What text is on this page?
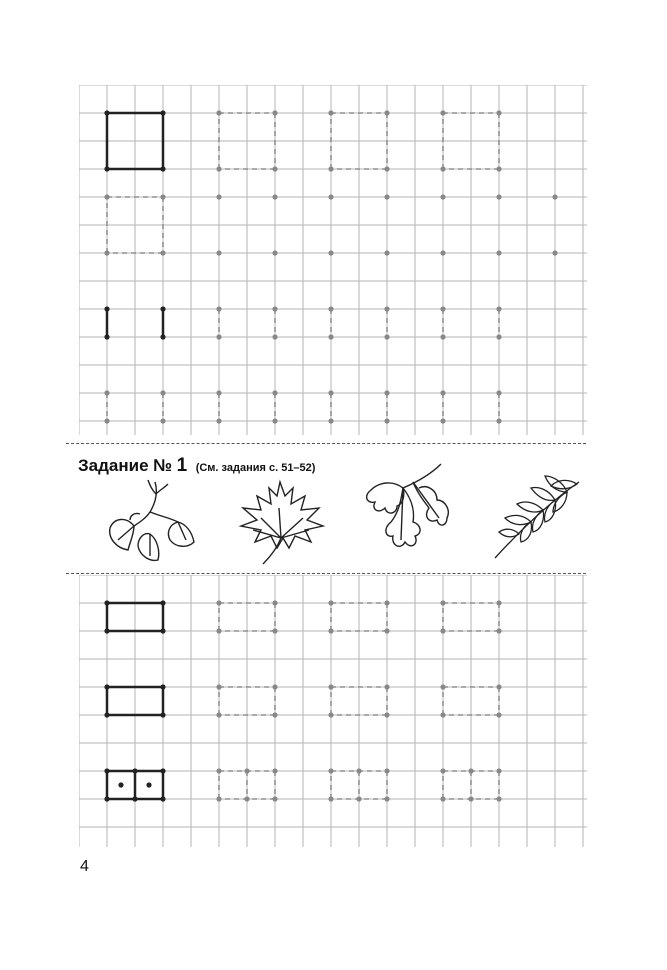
Задание № 1 (См. задания с. 51–52)
4
